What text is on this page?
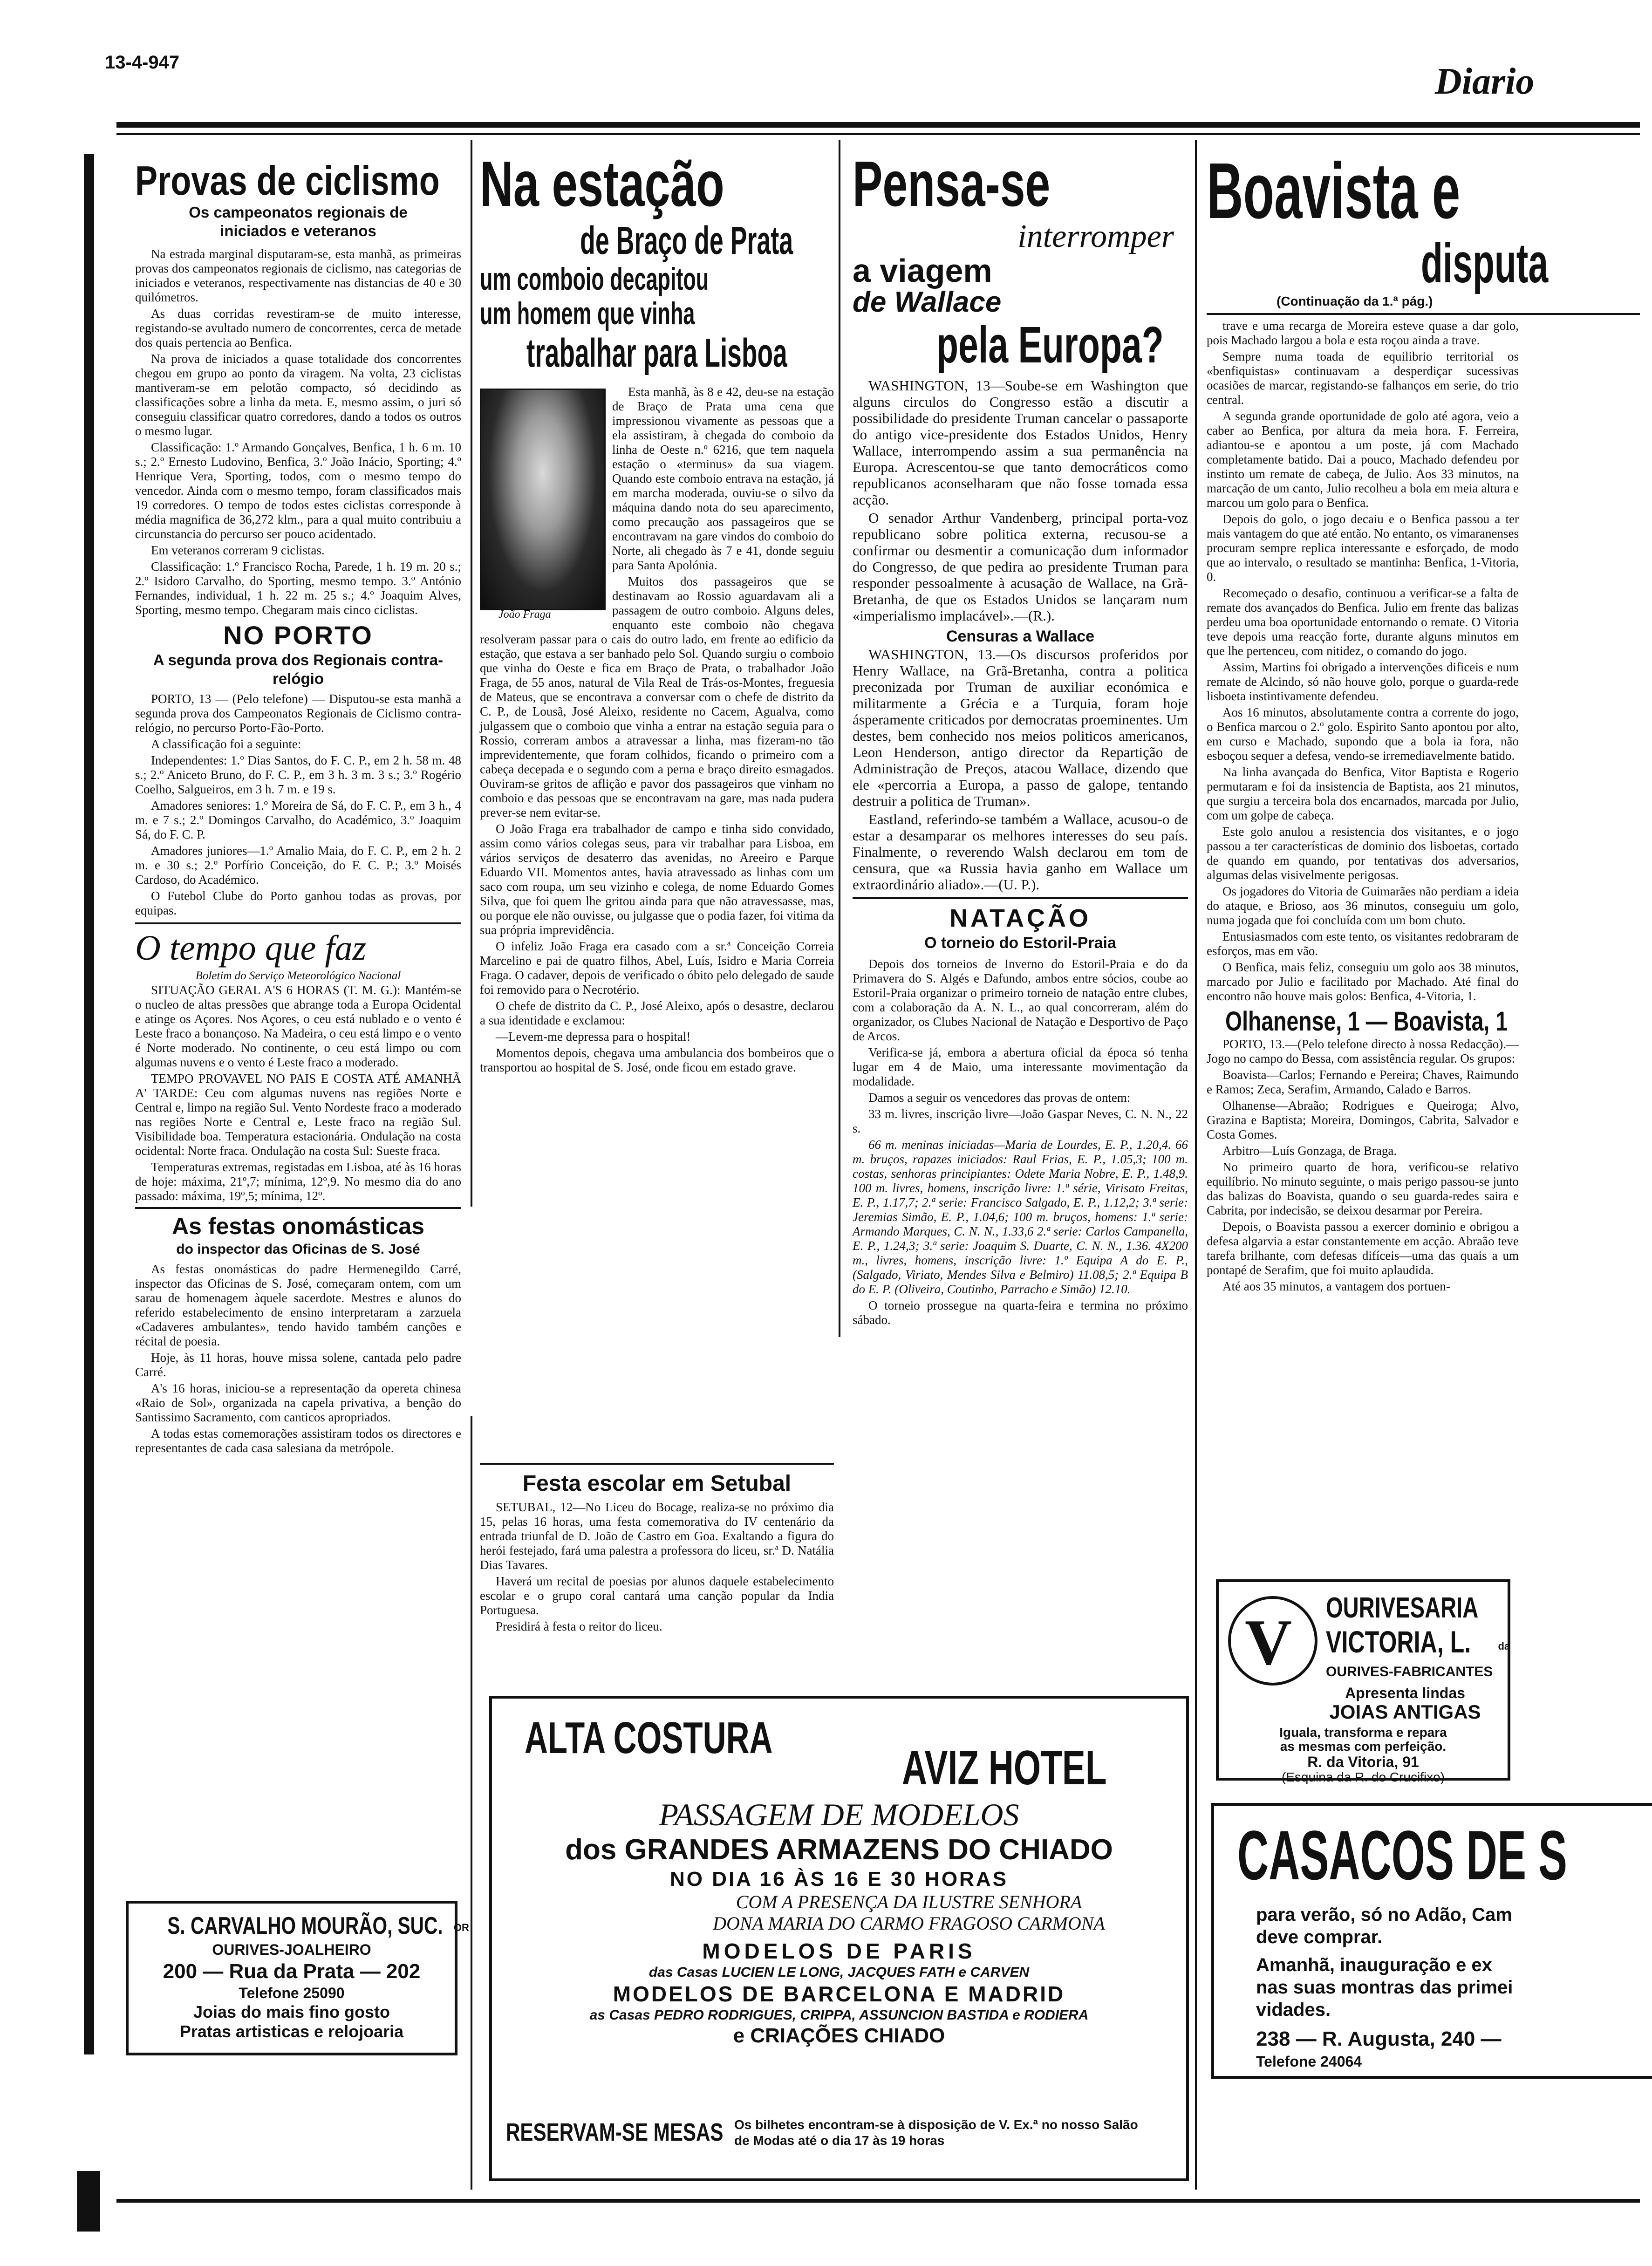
13-4-947	Diario
Provas de ciclismo
Os campeonatos regionais de iniciados e veteranos

Na estrada marginal disputaram-se, esta manhã, as primeiras provas dos campeonatos regionais de ciclismo, nas categorias de iniciados e veteranos, respectivamente nas distancias de 40 e 30 quilómetros.

As duas corridas revestiram-se de muito interesse, registando-se avultado numero de concorrentes, cerca de metade dos quais pertencia ao Benfica.

Na prova de iniciados a quase totalidade dos concorrentes chegou em grupo ao ponto da viragem. Na volta, 23 ciclistas mantiveram-se em pelotão compacto, só decidindo as classificações sobre a linha da meta. E, mesmo assim, o juri só conseguiu classificar quatro corredores, dando a todos os outros o mesmo lugar.

Classificação: 1.º Armando Gonçalves, Benfica, 1 h. 6 m. 10 s.; 2.º Ernesto Ludovino, Benfica, 3.º João Inácio, Sporting; 4.º Henrique Vera, Sporting, todos, com o mesmo tempo do vencedor. Ainda com o mesmo tempo, foram classificados mais 19 corredores. O tempo de todos estes ciclistas corresponde à média magnifica de 36,272 klm., para a qual muito contribuiu a circunstancia do percurso ser pouco acidentado.

Em veteranos correram 9 ciclistas.

Classificação: 1.º Francisco Rocha, Parede, 1 h. 19 m. 20 s.; 2.º Isidoro Carvalho, do Sporting, mesmo tempo. 3.º António Fernandes, individual, 1 h. 22 m. 25 s.; 4.º Joaquim Alves, Sporting, mesmo tempo. Chegaram mais cinco ciclistas.

NO PORTO
A segunda prova dos Regionais contra-relógio

PORTO, 13 — (Pelo telefone) — Disputou-se esta manhã a segunda prova dos Campeonatos Regionais de Ciclismo contra-relógio, no percurso Porto-Fão-Porto.

A classificação foi a seguinte:

Independentes: 1.º Dias Santos, do F. C. P., em 2 h. 58 m. 48 s.; 2.º Aniceto Bruno, do F. C. P., em 3 h. 3 m. 3 s.; 3.º Rogério Coelho, Salgueiros, em 3 h. 7 m. e 19 s.

Amadores seniores: 1.º Moreira de Sá, do F. C. P., em 3 h., 4 m. e 7 s.; 2.º Domingos Carvalho, do Académico, 3.º Joaquim Sá, do F. C. P.

Amadores juniores—1.º Amalio Maia, do F. C. P., em 2 h. 2 m. e 30 s.; 2.º Porfírio Conceição, do F. C. P.; 3.º Moisés Cardoso, do Académico.

O Futebol Clube do Porto ganhou todas as provas, por equipas.

O tempo que faz
Boletim do Serviço Meteorológico Nacional

SITUAÇÃO GERAL A'S 6 HORAS (T. M. G.): Mantém-se o nucleo de altas pressões que abrange toda a Europa Ocidental e atinge os Açores. Nos Açores, o ceu está nublado e o vento é Leste fraco a bonançoso. Na Madeira, o ceu está limpo e o vento é Norte moderado. No continente, o ceu está limpo ou com algumas nuvens e o vento é Leste fraco a moderado.

TEMPO PROVAVEL NO PAIS E COSTA ATÉ AMANHÃ A' TARDE: Ceu com algumas nuvens nas regiões Norte e Central e, limpo na região Sul. Vento Nordeste fraco a moderado nas regiões Norte e Central e, Leste fraco na região Sul. Visibilidade boa. Temperatura estacionária. Ondulação na costa ocidental: Norte fraca. Ondulação na costa Sul: Sueste fraca.

Temperaturas extremas, registadas em Lisboa, até às 16 horas de hoje: máxima, 21º,7; mínima, 12º,9. No mesmo dia do ano passado: máxima, 19º,5; mínima, 12º.

As festas onomásticas
do inspector das Oficinas de S. José

As festas onomásticas do padre Hermenegildo Carré, inspector das Oficinas de S. José, começaram ontem, com um sarau de homenagem àquele sacerdote. Mestres e alunos do referido estabelecimento de ensino interpretaram a zarzuela «Cadaveres ambulantes», tendo havido também canções e récital de poesia.

Hoje, às 11 horas, houve missa solene, cantada pelo padre Carré.

A's 16 horas, iniciou-se a representação da opereta chinesa «Raio de Sol», organizada na capela privativa, a benção do Santissimo Sacramento, com canticos apropriados.

A todas estas comemorações assistiram todos os directores e representantes de cada casa salesiana da metrópole.

S. CARVALHO MOURÃO, SUC. $^{OR}$
OURIVES-JOALHEIRO
200 — Rua da Prata — 202
Telefone 25090
Joias do mais fino gosto
Pratas artisticas e relojoaria
Na estação
de Braço de Prata
um comboio decapitou
um homem que vinha
trabalhar para Lisboa
João Fraga

Esta manhã, às 8 e 42, deu-se na estação de Braço de Prata uma cena que impressionou vivamente as pessoas que a ela assistiram, à chegada do comboio da linha de Oeste n.º 6216, que tem naquela estação o «terminus» da sua viagem. Quando este comboio entrava na estação, já em marcha moderada, ouviu-se o silvo da máquina dando nota do seu aparecimento, como precaução aos passageiros que se encontravam na gare vindos do comboio do Norte, ali chegado às 7 e 41, donde seguiu para Santa Apolónia.

Muitos dos passageiros que se destinavam ao Rossio aguardavam ali a passagem de outro comboio. Alguns deles, enquanto este comboio não chegava resolveram passar para o cais do outro lado, em frente ao edificio da estação, que estava a ser banhado pelo Sol. Quando surgiu o comboio que vinha do Oeste e fica em Braço de Prata, o trabalhador João Fraga, de 55 anos, natural de Vila Real de Trás-os-Montes, freguesia de Mateus, que se encontrava a conversar com o chefe de distrito da C. P., de Lousã, José Aleixo, residente no Cacem, Agualva, como julgassem que o comboio que vinha a entrar na estação seguia para o Rossio, correram ambos a atravessar a linha, mas fizeram-no tão imprevidentemente, que foram colhidos, ficando o primeiro com a cabeça decepada e o segundo com a perna e braço direito esmagados. Ouviram-se gritos de aflição e pavor dos passageiros que vinham no comboio e das pessoas que se encontravam na gare, mas nada pudera prever-se nem evitar-se.

O João Fraga era trabalhador de campo e tinha sido convidado, assim como vários colegas seus, para vir trabalhar para Lisboa, em vários serviços de desaterro das avenidas, no Areeiro e Parque Eduardo VII. Momentos antes, havia atravessado as linhas com um saco com roupa, um seu vizinho e colega, de nome Eduardo Gomes Silva, que foi quem lhe gritou ainda para que não atravessasse, mas, ou porque ele não ouvisse, ou julgasse que o podia fazer, foi vitima da sua própria imprevidência.

O infeliz João Fraga era casado com a sr.ª Conceição Correia Marcelino e pai de quatro filhos, Abel, Luís, Isidro e Maria Correia Fraga. O cadaver, depois de verificado o óbito pelo delegado de saude foi removido para o Necrotério.

O chefe de distrito da C. P., José Aleixo, após o desastre, declarou a sua identidade e exclamou:

—Levem-me depressa para o hospital!

Momentos depois, chegava uma ambulancia dos bombeiros que o transportou ao hospital de S. José, onde ficou em estado grave.

Festa escolar em Setubal

SETUBAL, 12—No Liceu do Bocage, realiza-se no próximo dia 15, pelas 16 horas, uma festa comemorativa do IV centenário da entrada triunfal de D. João de Castro em Goa. Exaltando a figura do herói festejado, fará uma palestra a professora do liceu, sr.ª D. Natália Dias Tavares.

Haverá um recital de poesias por alunos daquele estabelecimento escolar e o grupo coral cantará uma canção popular da India Portuguesa.

Presidirá à festa o reitor do liceu.

Pensa-se
interromper
a viagem
de Wallace
pela Europa?

WASHINGTON, 13—Soube-se em Washington que alguns circulos do Congresso estão a discutir a possibilidade do presidente Truman cancelar o passaporte do antigo vice-presidente dos Estados Unidos, Henry Wallace, interrompendo assim a sua permanência na Europa. Acrescentou-se que tanto democráticos como republicanos aconselharam que não fosse tomada essa acção.

O senador Arthur Vandenberg, principal porta-voz republicano sobre politica externa, recusou-se a confirmar ou desmentir a comunicação dum informador do Congresso, de que pedira ao presidente Truman para responder pessoalmente à acusação de Wallace, na Grã-Bretanha, de que os Estados Unidos se lançaram num «imperialismo implacável».—(R.).

Censuras a Wallace

WASHINGTON, 13.—Os discursos proferidos por Henry Wallace, na Grã-Bretanha, contra a politica preconizada por Truman de auxiliar económica e militarmente a Grécia e a Turquia, foram hoje ásperamente criticados por democratas proeminentes. Um destes, bem conhecido nos meios politicos americanos, Leon Henderson, antigo director da Repartição de Administração de Preços, atacou Wallace, dizendo que ele «percorria a Europa, a passo de galope, tentando destruir a politica de Truman».

Eastland, referindo-se também a Wallace, acusou-o de estar a desamparar os melhores interesses do seu país. Finalmente, o reverendo Walsh declarou em tom de censura, que «a Russia havia ganho em Wallace um extraordinário aliado».—(U. P.).

NATAÇÃO
O torneio do Estoril-Praia

Depois dos torneios de Inverno do Estoril-Praia e do da Primavera do S. Algés e Dafundo, ambos entre sócios, coube ao Estoril-Praia organizar o primeiro torneio de natação entre clubes, com a colaboração da A. N. L., ao qual concorreram, além do organizador, os Clubes Nacional de Natação e Desportivo de Paço de Arcos.

Verifica-se já, embora a abertura oficial da época só tenha lugar em 4 de Maio, uma interessante movimentação da modalidade.

Damos a seguir os vencedores das provas de ontem:

33 m. livres, inscrição livre—João Gaspar Neves, C. N. N., 22 s.

66 m. meninas iniciadas—Maria de Lourdes, E. P., 1.20,4. 66 m. bruços, rapazes iniciados: Raul Frias, E. P., 1.05,3; 100 m. costas, senhoras principiantes: Odete Maria Nobre, E. P., 1.48,9. 100 m. livres, homens, inscrição livre: 1.ª série, Virisato Freitas, E. P., 1.17,7; 2.ª serie: Francisco Salgado, E. P., 1.12,2; 3.ª serie: Jeremias Simão, E. P., 1.04,6; 100 m. bruços, homens: 1.ª serie: Armando Marques, C. N. N., 1.33,6 2.ª serie: Carlos Campanella, E. P., 1.24,3; 3.ª serie: Joaquim S. Duarte, C. N. N., 1.36. 4X200 m., livres, homens, inscrição livre: 1.º Equipa A do E. P., (Salgado, Viriato, Mendes Silva e Belmiro) 11.08,5; 2.ª Equipa B do E. P. (Oliveira, Coutinho, Parracho e Simão) 12.10.

O torneio prossegue na quarta-feira e termina no próximo sábado.

ALTA COSTURA
AVIZ HOTEL
PASSAGEM DE MODELOS
dos GRANDES ARMAZENS DO CHIADO
NO DIA 16 ÀS 16 E 30 HORAS
COM A PRESENÇA DA ILUSTRE SENHORA
DONA MARIA DO CARMO FRAGOSO CARMONA
MODELOS DE PARIS
das Casas LUCIEN LE LONG, JACQUES FATH e CARVEN
MODELOS DE BARCELONA E MADRID
as Casas PEDRO RODRIGUES, CRIPPA, ASSUNCION BASTIDA e RODIERA
e CRIAÇÕES CHIADO
RESERVAM-SE MESAS Os bilhetes encontram-se à disposição de V. Ex.ª no nosso Salão de Modas até o dia 17 às 19 horas
Boavista e
disputa
(Continuação da 1.ª pág.)

trave e uma recarga de Moreira esteve quase a dar golo, pois Machado largou a bola e esta roçou ainda a trave.

Sempre numa toada de equilibrio territorial os «benfiquistas» continuavam a desperdiçar sucessivas ocasiões de marcar, registando-se falhanços em serie, do trio central.

A segunda grande oportunidade de golo até agora, veio a caber ao Benfica, por altura da meia hora. F. Ferreira, adiantou-se e apontou a um poste, já com Machado completamente batido. Dai a pouco, Machado defendeu por instinto um remate de cabeça, de Julio. Aos 33 minutos, na marcação de um canto, Julio recolheu a bola em meia altura e marcou um golo para o Benfica.

Depois do golo, o jogo decaiu e o Benfica passou a ter mais vantagem do que até então. No entanto, os vimaranenses procuram sempre replica interessante e esforçado, de modo que ao intervalo, o resultado se mantinha: Benfica, 1-Vitoria, 0.

Recomeçado o desafio, continuou a verificar-se a falta de remate dos avançados do Benfica. Julio em frente das balizas perdeu uma boa oportunidade entornando o remate. O Vitoria teve depois uma reacção forte, durante alguns minutos em que lhe pertenceu, com nitidez, o comando do jogo.

Assim, Martins foi obrigado a intervenções dificeis e num remate de Alcindo, só não houve golo, porque o guarda-rede lisboeta instintivamente defendeu.

Aos 16 minutos, absolutamente contra a corrente do jogo, o Benfica marcou o 2.º golo. Espirito Santo apontou por alto, em curso e Machado, supondo que a bola ia fora, não esboçou sequer a defesa, vendo-se irremediavelmente batido.

Na linha avançada do Benfica, Vitor Baptista e Rogerio permutaram e foi da insistencia de Baptista, aos 21 minutos, que surgiu a terceira bola dos encarnados, marcada por Julio, com um golpe de cabeça.

Este golo anulou a resistencia dos visitantes, e o jogo passou a ter características de dominio dos lisboetas, cortado de quando em quando, por tentativas dos adversarios, algumas delas visivelmente perigosas.

Os jogadores do Vitoria de Guimarães não perdiam a ideia do ataque, e Brioso, aos 36 minutos, conseguiu um golo, numa jogada que foi concluída com um bom chuto.

Entusiasmados com este tento, os visitantes redobraram de esforços, mas em vão.

O Benfica, mais feliz, conseguiu um golo aos 38 minutos, marcado por Julio e facilitado por Machado. Até final do encontro não houve mais golos: Benfica, 4-Vitoria, 1.

Olhanense, 1 — Boavista, 1

PORTO, 13.—(Pelo telefone directo à nossa Redacção).—Jogo no campo do Bessa, com assistência regular. Os grupos:

Boavista—Carlos; Fernando e Pereira; Chaves, Raimundo e Ramos; Zeca, Serafim, Armando, Calado e Barros.

Olhanense—Abraão; Rodrigues e Queiroga; Alvo, Grazina e Baptista; Moreira, Domingos, Cabrita, Salvador e Costa Gomes.

Arbitro—Luís Gonzaga, de Braga.

No primeiro quarto de hora, verificou-se relativo equilíbrio. No minuto seguinte, o mais perigo passou-se junto das balizas do Boavista, quando o seu guarda-redes saira e Cabrita, por indecisão, se deixou desarmar por Pereira.

Depois, o Boavista passou a exercer dominio e obrigou a defesa algarvia a estar constantemente em acção. Abraão teve tarefa brilhante, com defesas difíceis—uma das quais a um pontapé de Serafim, que foi muito aplaudida.

Até aos 35 minutos, a vantagem dos portuen-

V OURIVESARIA
VICTORIA, L.	$^{da}$
OURIVES-FABRICANTES
Apresenta lindas
JOIAS ANTIGAS
Iguala, transforma e repara
as mesmas com perfeição.
R. da Vitoria, 91
(Esquina da R. do Crucifixo)
CASACOS DE S
para verão, só no Adão, Cam
deve comprar.
Amanhã, inauguração e ex
nas suas montras das primei
vidades.
238 — R. Augusta, 240 —
Telefone 24064
